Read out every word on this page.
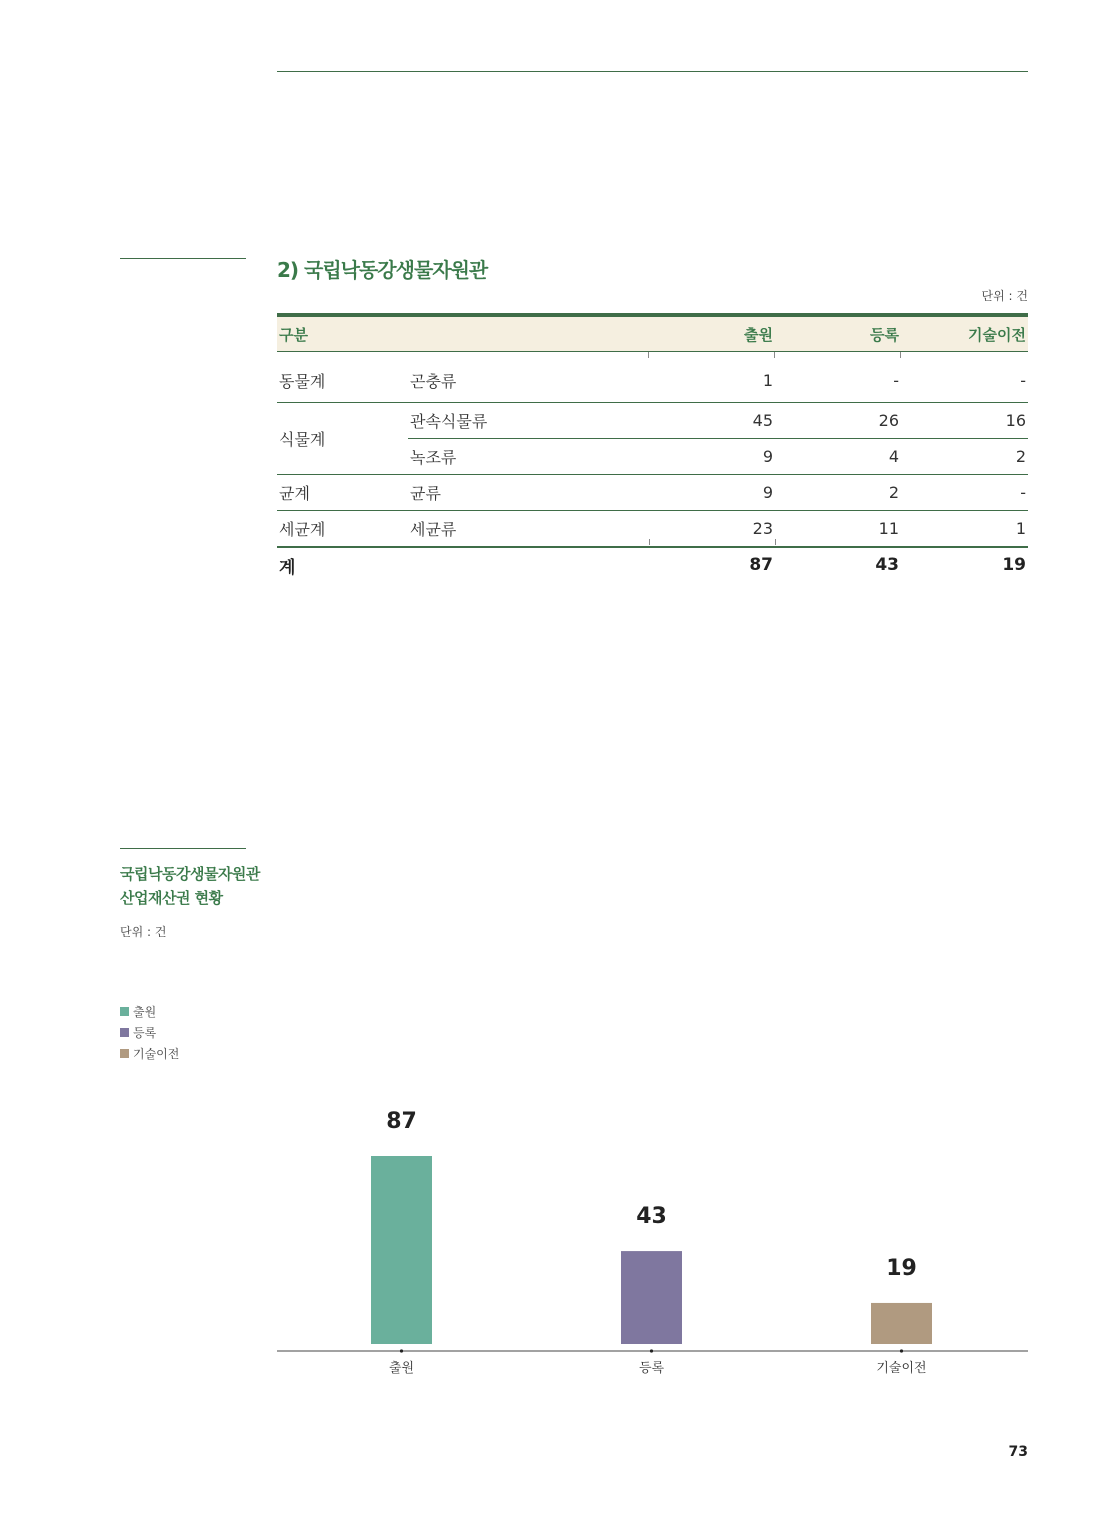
2) 국립낙동강생물자원관
단위 : 건
구분		출원	등록	기술이전
동물계	곤충류	1	-	-
식물계	관속식물류	45	26	16
	녹조류	9	4	2
균계	균류	9	2	-
세균계	세균류	23	11	1
계		87	43	19
국립낙동강생물자원관
산업재산권 현황
단위 : 건
출원
등록
기술이전
87
출원
43
등록
19
기술이전
73
